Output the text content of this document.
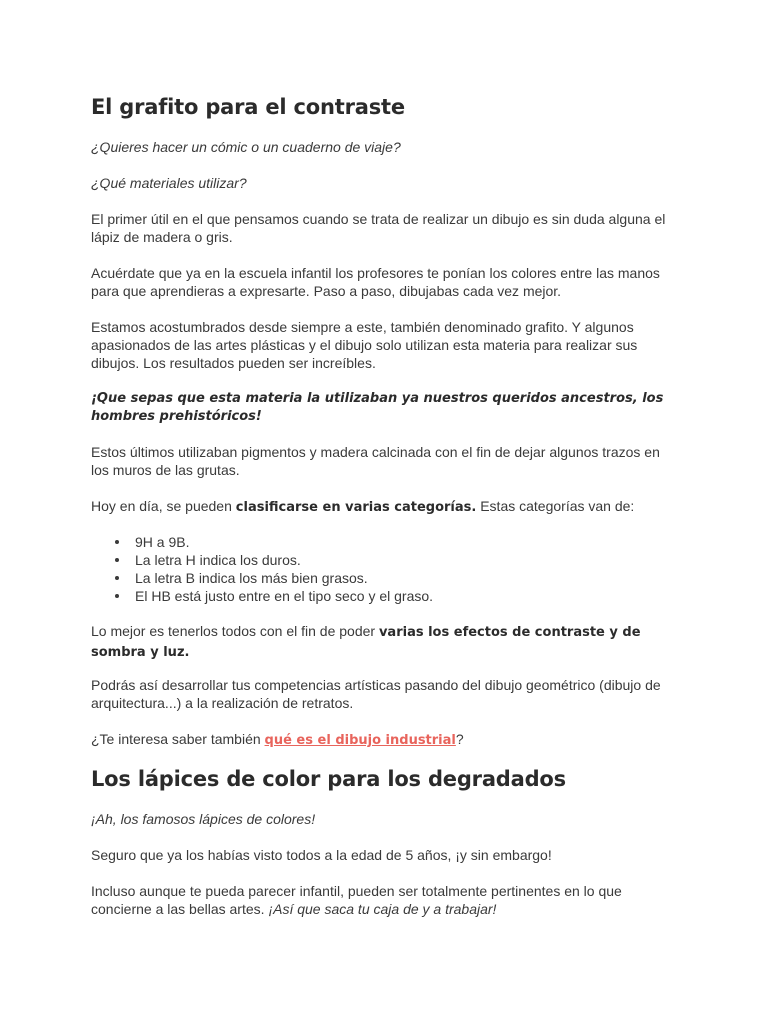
El grafito para el contraste

¿Quieres hacer un cómic o un cuaderno de viaje?

¿Qué materiales utilizar?

El primer útil en el que pensamos cuando se trata de realizar un dibujo es sin duda alguna el lápiz de madera o gris.

Acuérdate que ya en la escuela infantil los profesores te ponían los colores entre las manos para que aprendieras a expresarte. Paso a paso, dibujabas cada vez mejor.

Estamos acostumbrados desde siempre a este, también denominado grafito. Y algunos apasionados de las artes plásticas y el dibujo solo utilizan esta materia para realizar sus dibujos. Los resultados pueden ser increíbles.

¡Que sepas que esta materia la utilizaban ya nuestros queridos ancestros, los hombres prehistóricos!

Estos últimos utilizaban pigmentos y madera calcinada con el fin de dejar algunos trazos en los muros de las grutas.

Hoy en día, se pueden clasificarse en varias categorías. Estas categorías van de:

9H a 9B.
La letra H indica los duros.
La letra B indica los más bien grasos.
El HB está justo entre en el tipo seco y el graso.

Lo mejor es tenerlos todos con el fin de poder varias los efectos de contraste y de sombra y luz.

Podrás así desarrollar tus competencias artísticas pasando del dibujo geométrico (dibujo de arquitectura...) a la realización de retratos.

¿Te interesa saber también qué es el dibujo industrial?

Los lápices de color para los degradados

¡Ah, los famosos lápices de colores!

Seguro que ya los habías visto todos a la edad de 5 años, ¡y sin embargo!

Incluso aunque te pueda parecer infantil, pueden ser totalmente pertinentes en lo que concierne a las bellas artes. ¡Así que saca tu caja de y a trabajar!
